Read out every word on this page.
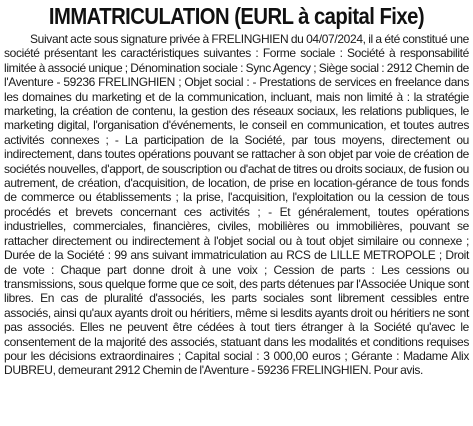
IMMATRICULATION (EURL à capital Fixe)

Suivant acte sous signature privée à FRELINGHIEN du 04/07/2024, il a été constitué une société présentant les caractéristiques suivantes : Forme sociale : Société à responsabilité limitée à associé unique ; Dénomination sociale : Sync Agency ; Siège social : 2912 Chemin de l'Aventure - 59236 FRELINGHIEN ; Objet social : - Prestations de services en freelance dans les domaines du marketing et de la communication, incluant, mais non limité à : la stratégie marketing, la création de contenu, la gestion des réseaux sociaux, les relations publiques, le marketing digital, l'organisation d'événements, le conseil en communication, et toutes autres activités connexes ; - La participation de la Société, par tous moyens, directement ou indirectement, dans toutes opérations pouvant se rattacher à son objet par voie de création de sociétés nouvelles, d'apport, de souscription ou d'achat de titres ou droits sociaux, de fusion ou autrement, de création, d'acquisition, de location, de prise en location-gérance de tous fonds de commerce ou établissements ; la prise, l'acquisition, l'exploitation ou la cession de tous procédés et brevets concernant ces activités ; - Et généralement, toutes opérations industrielles, commerciales, financières, civiles, mobilières ou immobilières, pouvant se rattacher directement ou indirectement à l'objet social ou à tout objet similaire ou connexe ; Durée de la Société : 99 ans suivant immatriculation au RCS de LILLE METROPOLE ; Droit de vote : Chaque part donne droit à une voix ; Cession de parts : Les cessions ou transmissions, sous quelque forme que ce soit, des parts détenues par l'Associée Unique sont libres. En cas de pluralité d'associés, les parts sociales sont librement cessibles entre associés, ainsi qu'aux ayants droit ou héritiers, même si lesdits ayants droit ou héritiers ne sont pas associés. Elles ne peuvent être cédées à tout tiers étranger à la Société qu'avec le consentement de la majorité des associés, statuant dans les modalités et conditions requises pour les décisions extraordinaires ; Capital social : 3 000,00 euros ; Gérante : Madame Alix DUBREU, demeurant 2912 Chemin de l'Aventure - 59236 FRELINGHIEN. Pour avis.
